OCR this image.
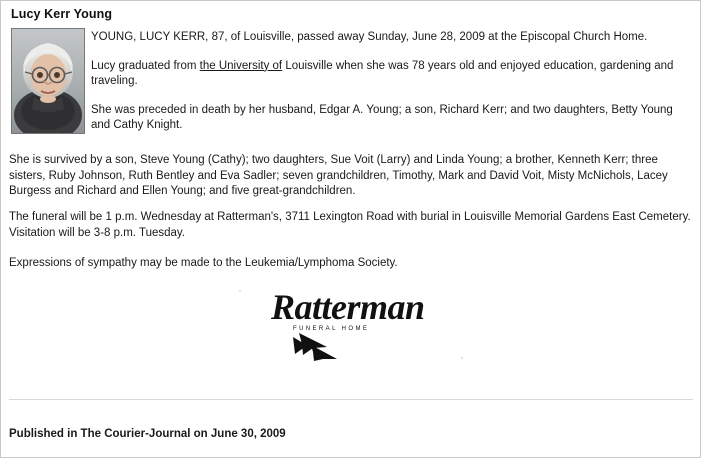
Lucy Kerr Young

YOUNG, LUCY KERR, 87, of Louisville, passed away Sunday, June 28, 2009 at the Episcopal Church Home.

Lucy graduated from the University of Louisville when she was 78 years old and enjoyed education, gardening and traveling.

She was preceded in death by her husband, Edgar A. Young; a son, Richard Kerr; and two daughters, Betty Young and Cathy Knight.

She is survived by a son, Steve Young (Cathy); two daughters, Sue Voit (Larry) and Linda Young; a brother, Kenneth Kerr; three sisters, Ruby Johnson, Ruth Bentley and Eva Sadler; seven grandchildren, Timothy, Mark and David Voit, Misty McNichols, Lacey Burgess and Richard and Ellen Young; and five great-grandchildren.

The funeral will be 1 p.m. Wednesday at Ratterman's, 3711 Lexington Road with burial in Louisville Memorial Gardens East Cemetery. Visitation will be 3-8 p.m. Tuesday.

Expressions of sympathy may be made to the Leukemia/Lymphoma Society.

Ratterman
FUNERAL HOME
Published in The Courier-Journal on June 30, 2009
